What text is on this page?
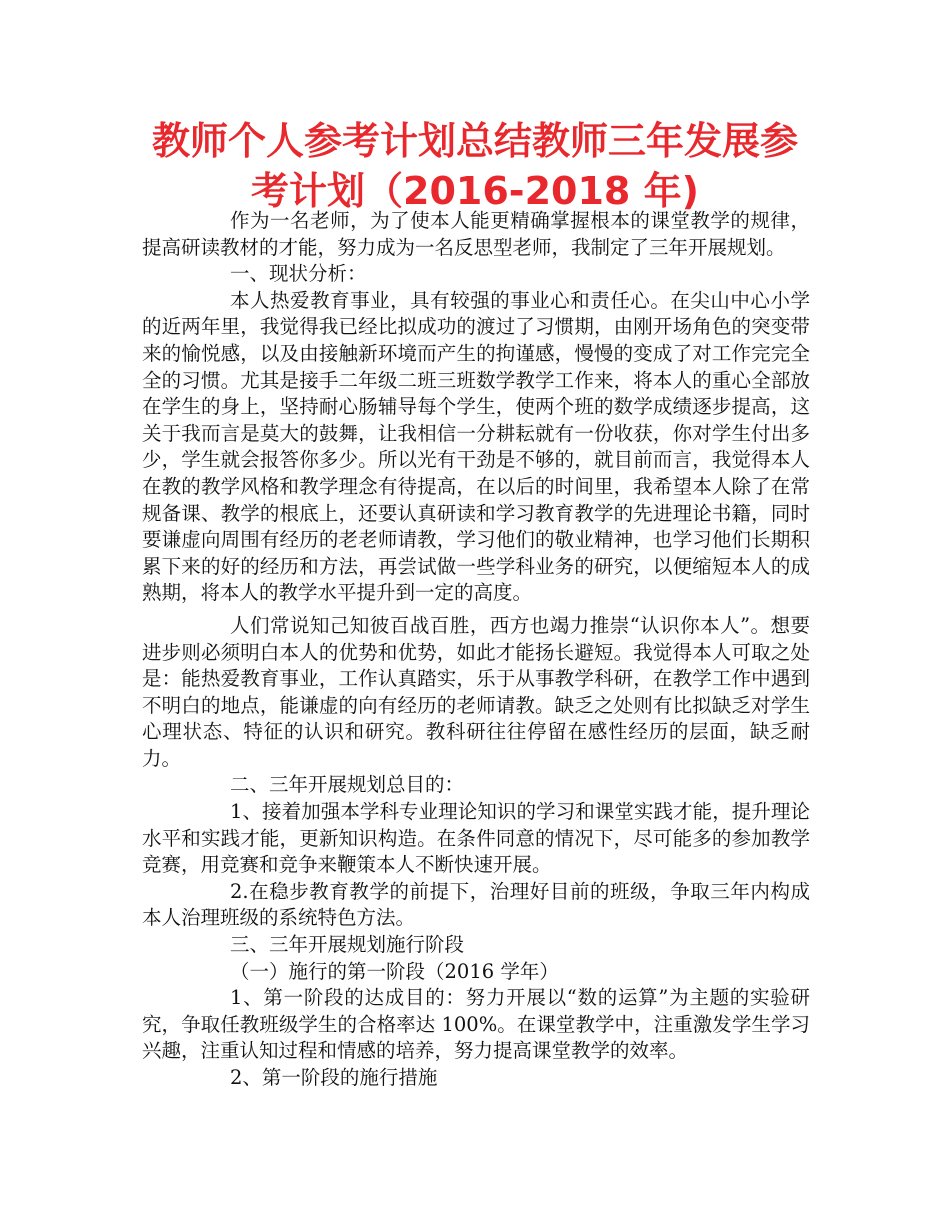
教师个人参考计划总结教师三年发展参考计划（2016-2018 年)

作为一名老师，为了使本人能更精确掌握根本的课堂教学的规律，提高研读教材的才能，努力成为一名反思型老师，我制定了三年开展规划。

一、现状分析：

本人热爱教育事业，具有较强的事业心和责任心。在尖山中心小学的近两年里，我觉得我已经比拟成功的渡过了习惯期，由刚开场角色的突变带来的愉悦感，以及由接触新环境而产生的拘谨感，慢慢的变成了对工作完完全全的习惯。尤其是接手二年级二班三班数学教学工作来，将本人的重心全部放在学生的身上，坚持耐心肠辅导每个学生，使两个班的数学成绩逐步提高，这关于我而言是莫大的鼓舞，让我相信一分耕耘就有一份收获，你对学生付出多少，学生就会报答你多少。所以光有干劲是不够的，就目前而言，我觉得本人在教的教学风格和教学理念有待提高，在以后的时间里，我希望本人除了在常规备课、教学的根底上，还要认真研读和学习教育教学的先进理论书籍，同时要谦虚向周围有经历的老老师请教，学习他们的敬业精神，也学习他们长期积累下来的好的经历和方法，再尝试做一些学科业务的研究，以便缩短本人的成熟期，将本人的教学水平提升到一定的高度。

人们常说知己知彼百战百胜，西方也竭力推崇“认识你本人”。想要进步则必须明白本人的优势和优势，如此才能扬长避短。我觉得本人可取之处是：能热爱教育事业，工作认真踏实，乐于从事教学科研，在教学工作中遇到不明白的地点，能谦虚的向有经历的老师请教。缺乏之处则有比拟缺乏对学生心理状态、特征的认识和研究。教科研往往停留在感性经历的层面，缺乏耐力。

二、三年开展规划总目的：

1、接着加强本学科专业理论知识的学习和课堂实践才能，提升理论水平和实践才能，更新知识构造。在条件同意的情况下，尽可能多的参加教学竞赛，用竞赛和竞争来鞭策本人不断快速开展。

2.在稳步教育教学的前提下，治理好目前的班级，争取三年内构成本人治理班级的系统特色方法。

三、三年开展规划施行阶段

（一）施行的第一阶段（2016 学年）

1、第一阶段的达成目的：努力开展以“数的运算”为主题的实验研究，争取任教班级学生的合格率达 100%。在课堂教学中，注重激发学生学习兴趣，注重认知过程和情感的培养，努力提高课堂教学的效率。

2、第一阶段的施行措施
